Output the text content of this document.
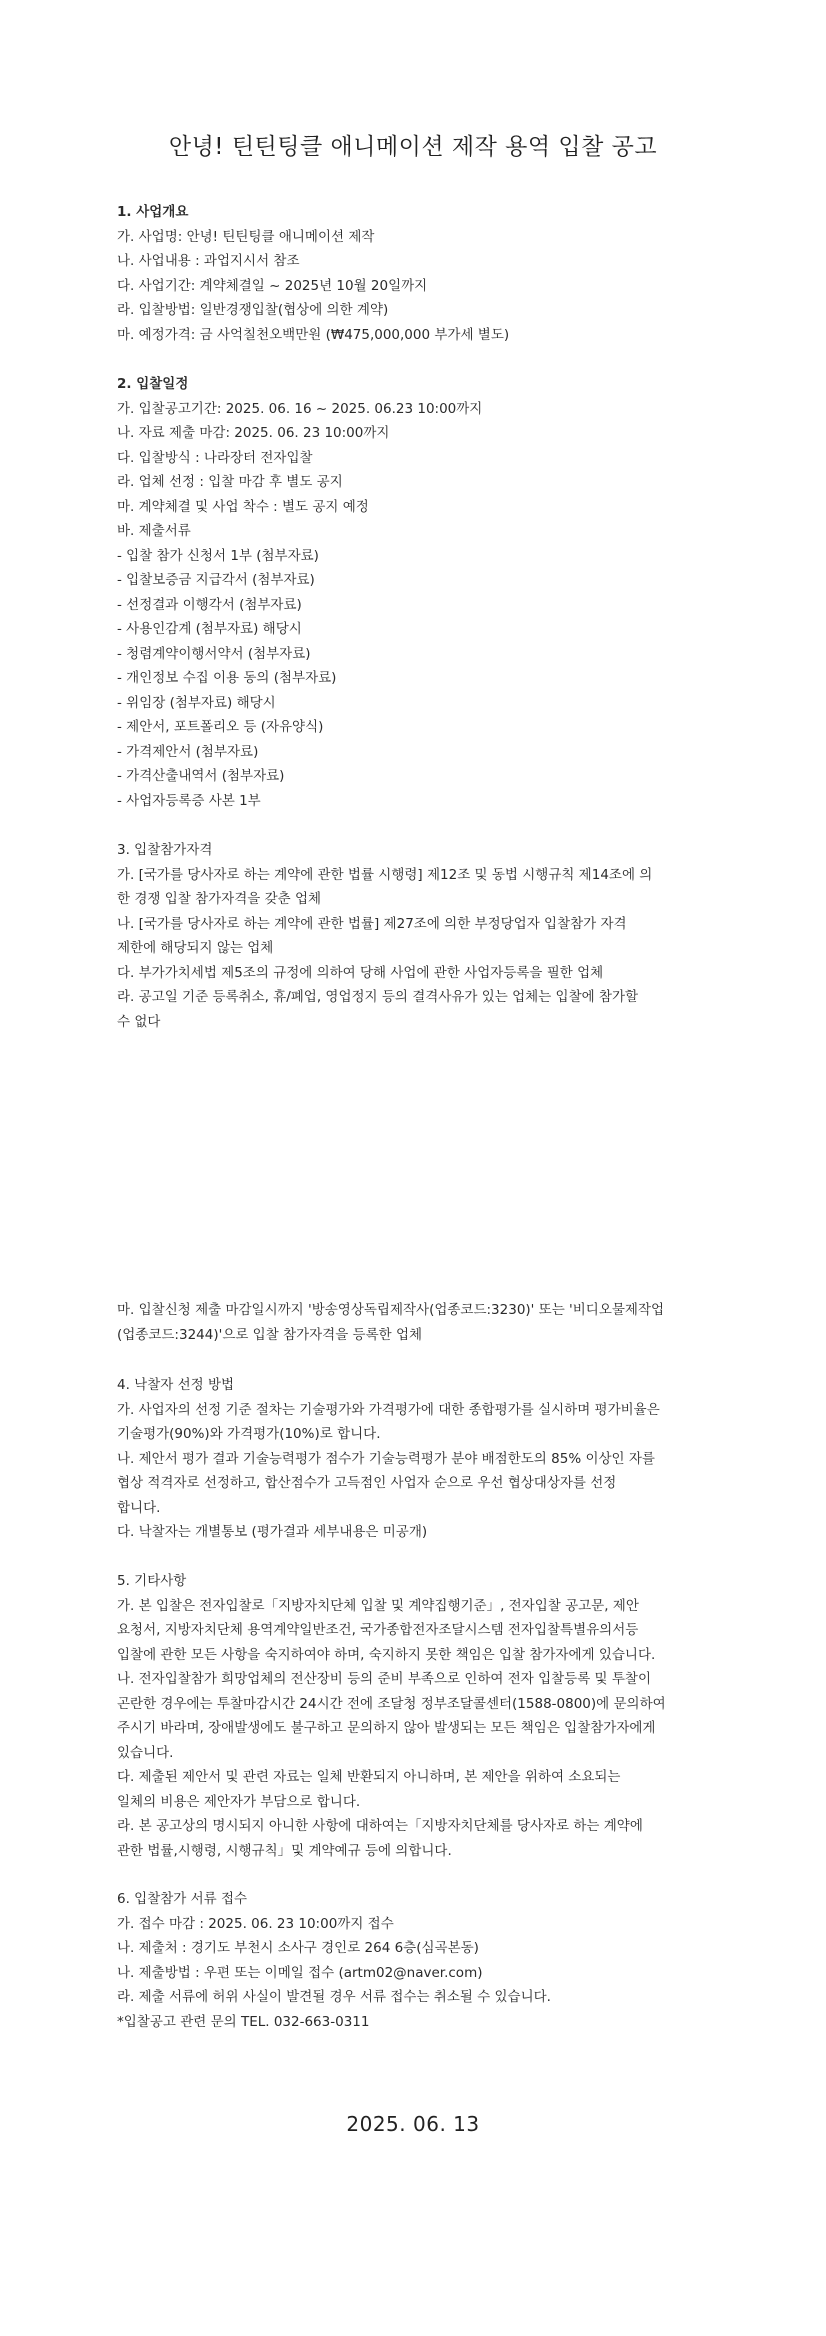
안녕! 틴틴팅클 애니메이션 제작 용역 입찰 공고
1. 사업개요
가. 사업명: 안녕! 틴틴팅클 애니메이션 제작
나. 사업내용 : 과업지시서 참조
다. 사업기간: 계약체결일 ~ 2025년 10월 20일까지
라. 입찰방법: 일반경쟁입찰(협상에 의한 계약)
마. 예정가격: 금 사억칠천오백만원 (₩475,000,000 부가세 별도)
2. 입찰일정
가. 입찰공고기간: 2025. 06. 16 ~ 2025. 06.23 10:00까지
나. 자료 제출 마감: 2025. 06. 23 10:00까지
다. 입찰방식 : 나라장터 전자입찰
라. 업체 선정 : 입찰 마감 후 별도 공지
마. 계약체결 및 사업 착수 : 별도 공지 예정
바. 제출서류
- 입찰 참가 신청서 1부 (첨부자료)
- 입찰보증금 지급각서 (첨부자료)
- 선정결과 이행각서 (첨부자료)
- 사용인감계 (첨부자료) 해당시
- 청렴계약이행서약서 (첨부자료)
- 개인정보 수집 이용 동의 (첨부자료)
- 위임장 (첨부자료) 해당시
- 제안서, 포트폴리오 등 (자유양식)
- 가격제안서 (첨부자료)
- 가격산출내역서 (첨부자료)
- 사업자등록증 사본 1부
3. 입찰참가자격
가. [국가를 당사자로 하는 계약에 관한 법률 시행령] 제12조 및 동법 시행규칙 제14조에 의
한 경쟁 입찰 참가자격을 갖춘 업체
나. [국가를 당사자로 하는 계약에 관한 법률] 제27조에 의한 부정당업자 입찰참가 자격
제한에 해당되지 않는 업체
다. 부가가치세법 제5조의 규정에 의하여 당해 사업에 관한 사업자등록을 필한 업체
라. 공고일 기준 등록취소, 휴/폐업, 영업정지 등의 결격사유가 있는 업체는 입찰에 참가할
수 없다
마. 입찰신청 제출 마감일시까지 '방송영상독립제작사(업종코드:3230)' 또는 '비디오물제작업
(업종코드:3244)'으로 입찰 참가자격을 등록한 업체
4. 낙찰자 선정 방법
가. 사업자의 선정 기준 절차는 기술평가와 가격평가에 대한 종합평가를 실시하며 평가비율은
기술평가(90%)와 가격평가(10%)로 합니다.
나. 제안서 평가 결과 기술능력평가 점수가 기술능력평가 분야 배점한도의 85% 이상인 자를
협상 적격자로 선정하고, 합산점수가 고득점인 사업자 순으로 우선 협상대상자를 선정
합니다.
다. 낙찰자는 개별통보 (평가결과 세부내용은 미공개)
5. 기타사항
가. 본 입찰은 전자입찰로「지방자치단체 입찰 및 계약집행기준」, 전자입찰 공고문, 제안
요청서, 지방자치단체 용역계약일반조건, 국가종합전자조달시스템 전자입찰특별유의서등
입찰에 관한 모든 사항을 숙지하여야 하며, 숙지하지 못한 책임은 입찰 참가자에게 있습니다.
나. 전자입찰참가 희망업체의 전산장비 등의 준비 부족으로 인하여 전자 입찰등록 및 투찰이
곤란한 경우에는 투찰마감시간 24시간 전에 조달청 정부조달콜센터(1588-0800)에 문의하여
주시기 바라며, 장애발생에도 불구하고 문의하지 않아 발생되는 모든 책임은 입찰참가자에게
있습니다.
다. 제출된 제안서 및 관련 자료는 일체 반환되지 아니하며, 본 제안을 위하여 소요되는
일체의 비용은 제안자가 부담으로 합니다.
라. 본 공고상의 명시되지 아니한 사항에 대하여는「지방자치단체를 당사자로 하는 계약에
관한 법률,시행령, 시행규칙」및 계약예규 등에 의합니다.
6. 입찰참가 서류 접수
가. 접수 마감 : 2025. 06. 23 10:00까지 접수
나. 제출처 : 경기도 부천시 소사구 경인로 264 6층(심곡본동)
나. 제출방법 : 우편 또는 이메일 접수 (artm02@naver.com)
라. 제출 서류에 허위 사실이 발견될 경우 서류 접수는 취소될 수 있습니다.
*입찰공고 관련 문의 TEL. 032-663-0311
2025. 06. 13
